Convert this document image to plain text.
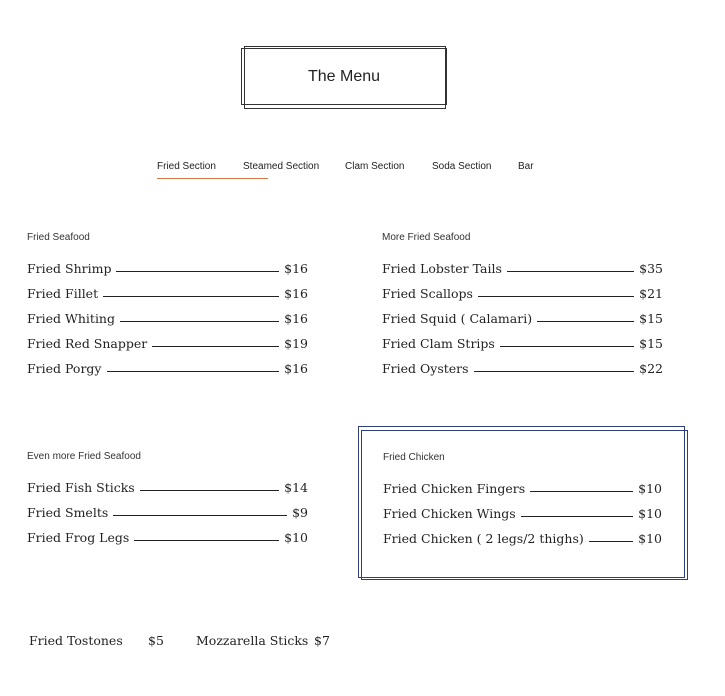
The Menu
Fried Section	Steamed Section	Clam Section	Soda Section	Bar
Fried Seafood
Fried Shrimp	$16
Fried Fillet	$16
Fried Whiting	$16
Fried Red Snapper	$19
Fried Porgy	$16
More Fried Seafood
Fried Lobster Tails	$35
Fried Scallops	$21
Fried Squid ( Calamari)	$15
Fried Clam Strips	$15
Fried Oysters	$22
Even more Fried Seafood
Fried Fish Sticks	$14
Fried Smelts	$9
Fried Frog Legs	$10
Fried Chicken
Fried Chicken Fingers	$10
Fried Chicken Wings	$10
Fried Chicken ( 2 legs/2 thighs)	$10
Fried Tostones $5	Mozzarella Sticks $7
